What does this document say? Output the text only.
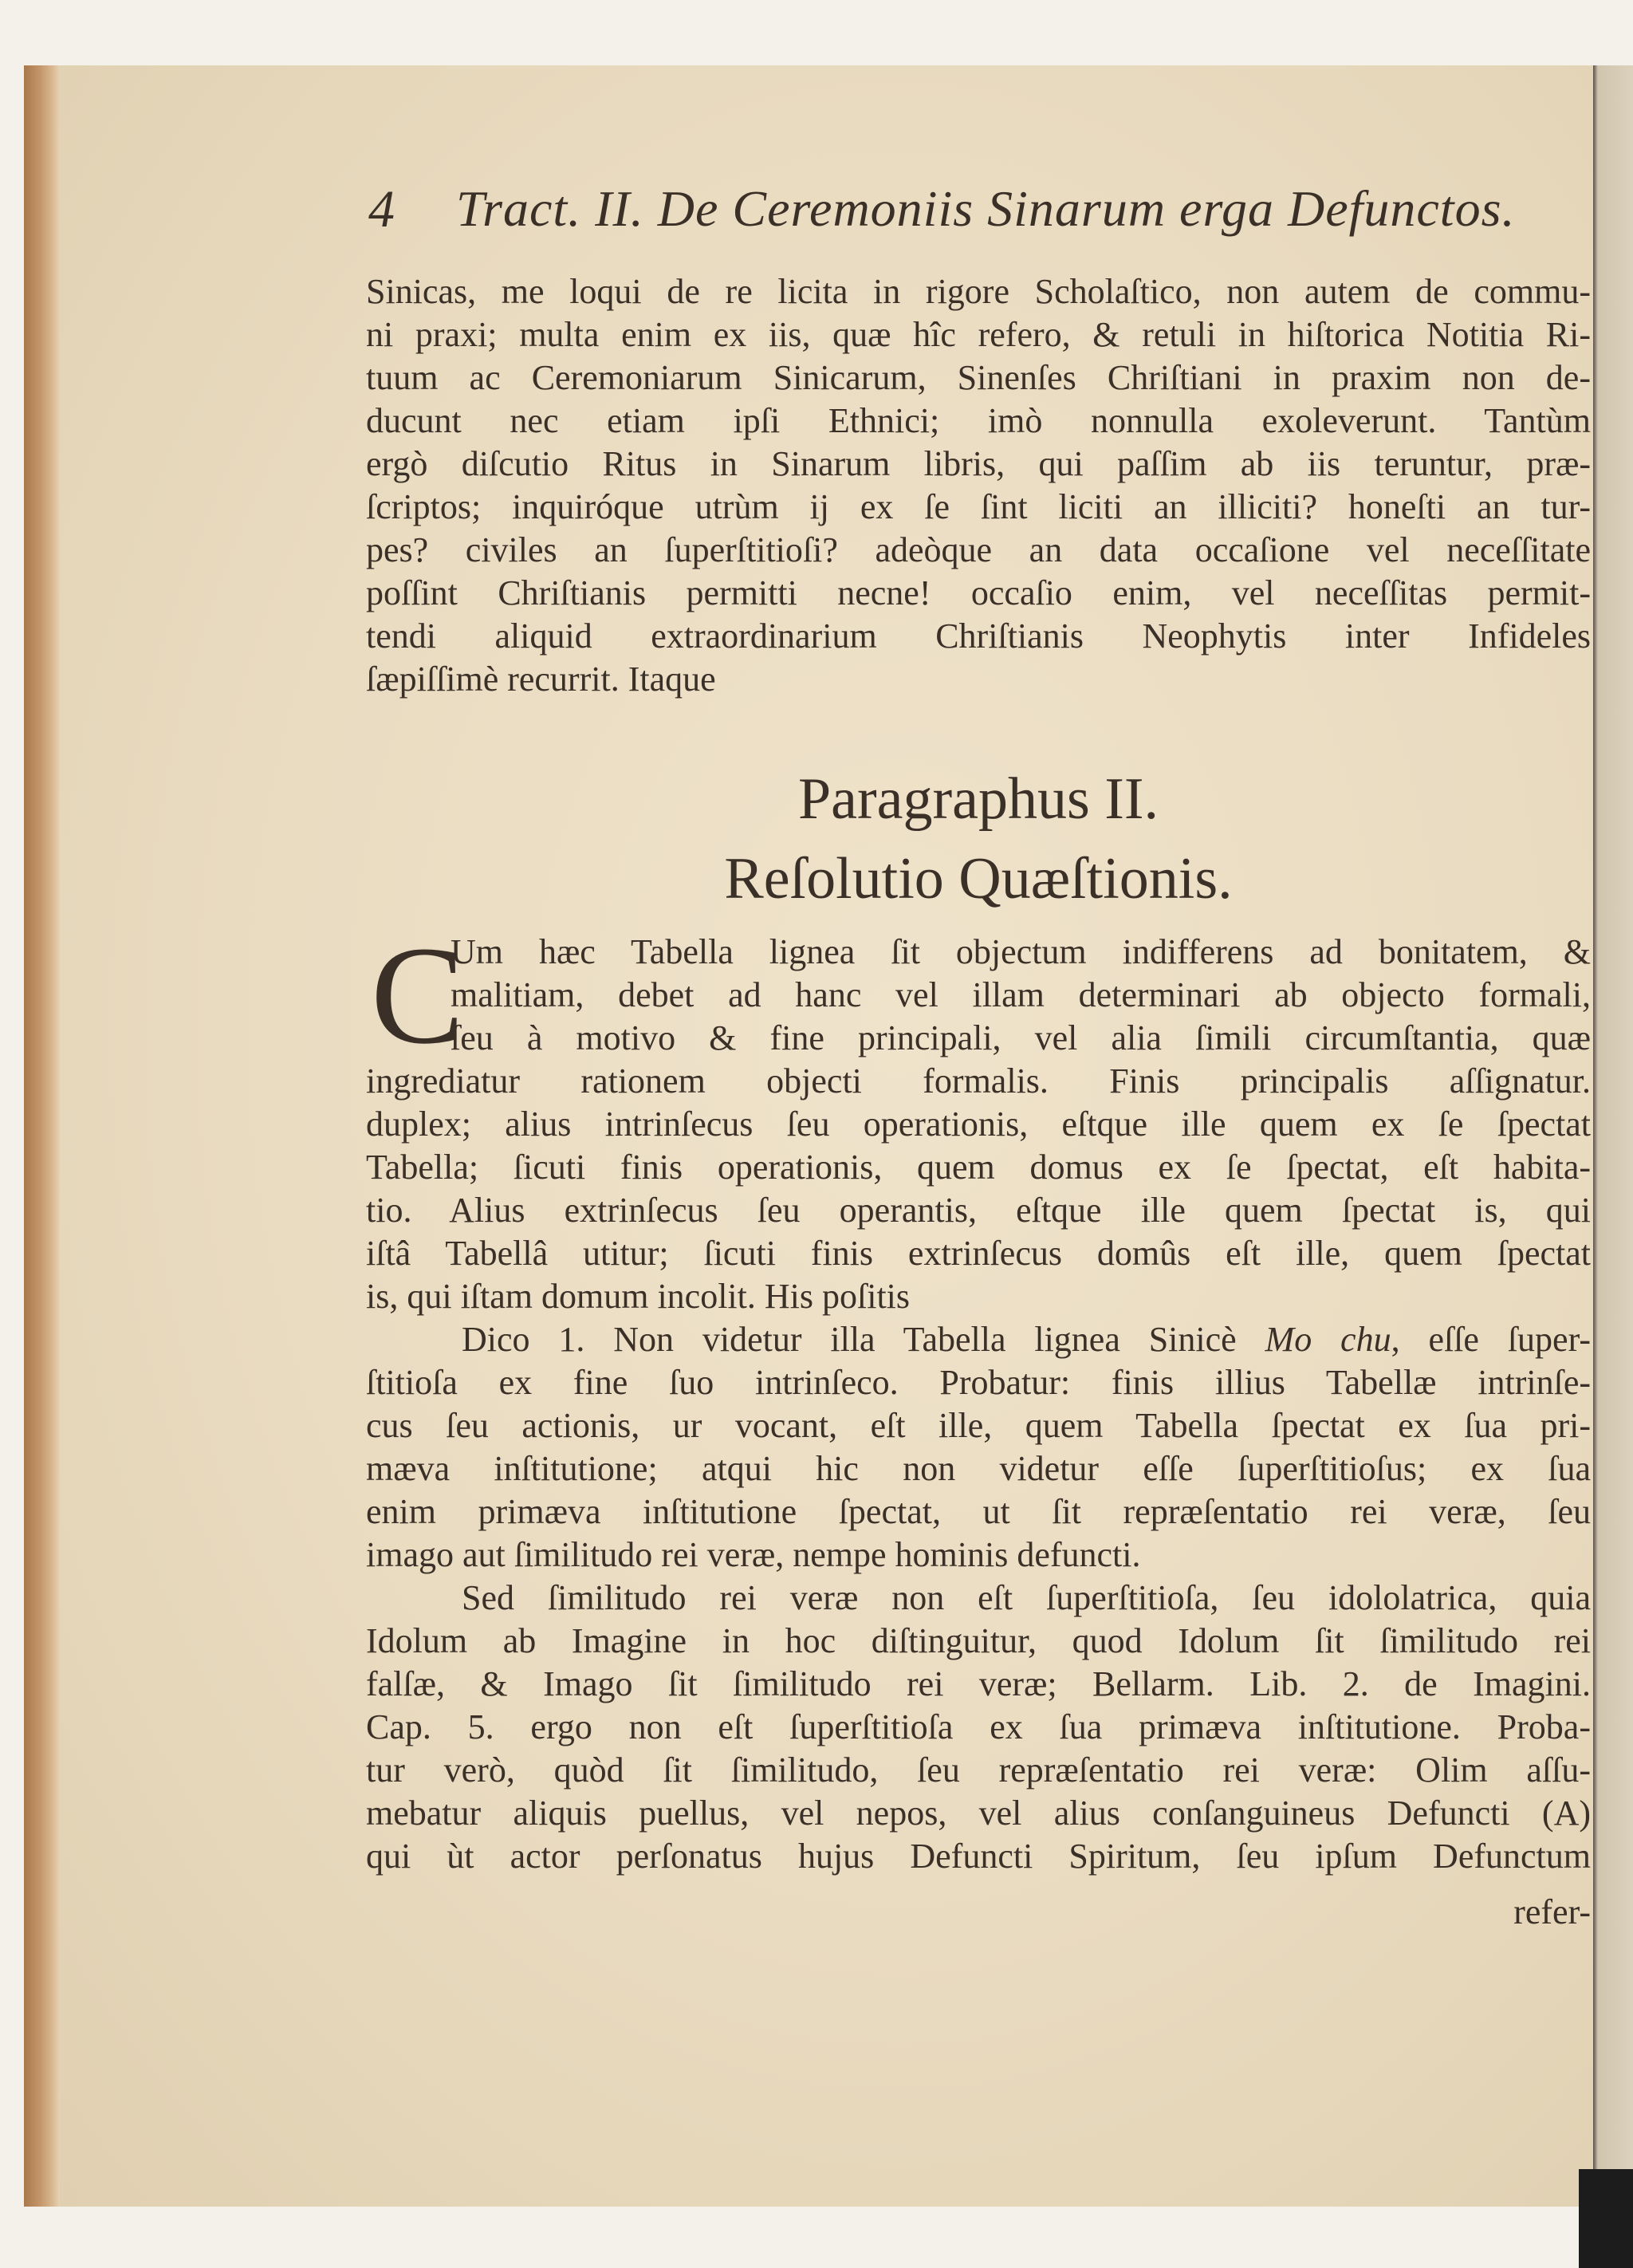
4 Tract. II. De Ceremoniis Sinarum erga Defunctos.
Sinicas, me loqui de re licita in rigore Scholaſtico, non autem de commu-
ni praxi; multa enim ex iis, quæ hîc refero, & retuli in hiſtorica Notitia Ri-
tuum ac Ceremoniarum Sinicarum, Sinenſes Chriſtiani in praxim non de-
ducunt nec etiam ipſi Ethnici; imò nonnulla exoleverunt. Tantùm
ergò diſcutio Ritus in Sinarum libris, qui paſſim ab iis teruntur, præ-
ſcriptos; inquiróque utrùm ij ex ſe ſint liciti an illiciti? honeſti an tur-
pes? civiles an ſuperſtitioſi? adeòque an data occaſione vel neceſſitate
poſſint Chriſtianis permitti necne! occaſio enim, vel neceſſitas permit-
tendi aliquid extraordinarium Chriſtianis Neophytis inter Infideles
ſæpiſſimè recurrit. Itaque
Paragraphus II.
Reſolutio Quæſtionis.
C
Um hæc Tabella lignea ſit objectum indifferens ad bonitatem, &
malitiam, debet ad hanc vel illam determinari ab objecto formali,
ſeu à motivo & fine principali, vel alia ſimili circumſtantia, quæ
ingrediatur rationem objecti formalis. Finis principalis aſſignatur.
duplex; alius intrinſecus ſeu operationis, eſtque ille quem ex ſe ſpectat
Tabella; ſicuti finis operationis, quem domus ex ſe ſpectat, eſt habita-
tio. Alius extrinſecus ſeu operantis, eſtque ille quem ſpectat is, qui
iſtâ Tabellâ utitur; ſicuti finis extrinſecus domûs eſt ille, quem ſpectat
is, qui iſtam domum incolit. His poſitis
Dico 1. Non videtur illa Tabella lignea Sinicè Mo chu, eſſe ſuper-
ſtitioſa ex fine ſuo intrinſeco. Probatur: finis illius Tabellæ intrinſe-
cus ſeu actionis, ur vocant, eſt ille, quem Tabella ſpectat ex ſua pri-
mæva inſtitutione; atqui hic non videtur eſſe ſuperſtitioſus; ex ſua
enim primæva inſtitutione ſpectat, ut ſit repræſentatio rei veræ, ſeu
imago aut ſimilitudo rei veræ, nempe hominis defuncti.
Sed ſimilitudo rei veræ non eſt ſuperſtitioſa, ſeu idololatrica, quia
Idolum ab Imagine in hoc diſtinguitur, quod Idolum ſit ſimilitudo rei
falſæ, & Imago ſit ſimilitudo rei veræ; Bellarm. Lib. 2. de Imagini.
Cap. 5. ergo non eſt ſuperſtitioſa ex ſua primæva inſtitutione. Proba-
tur verò, quòd ſit ſimilitudo, ſeu repræſentatio rei veræ: Olim aſſu-
mebatur aliquis puellus, vel nepos, vel alius conſanguineus Defuncti (A)
qui ùt actor perſonatus hujus Defuncti Spiritum, ſeu ipſum Defunctum
refer-
